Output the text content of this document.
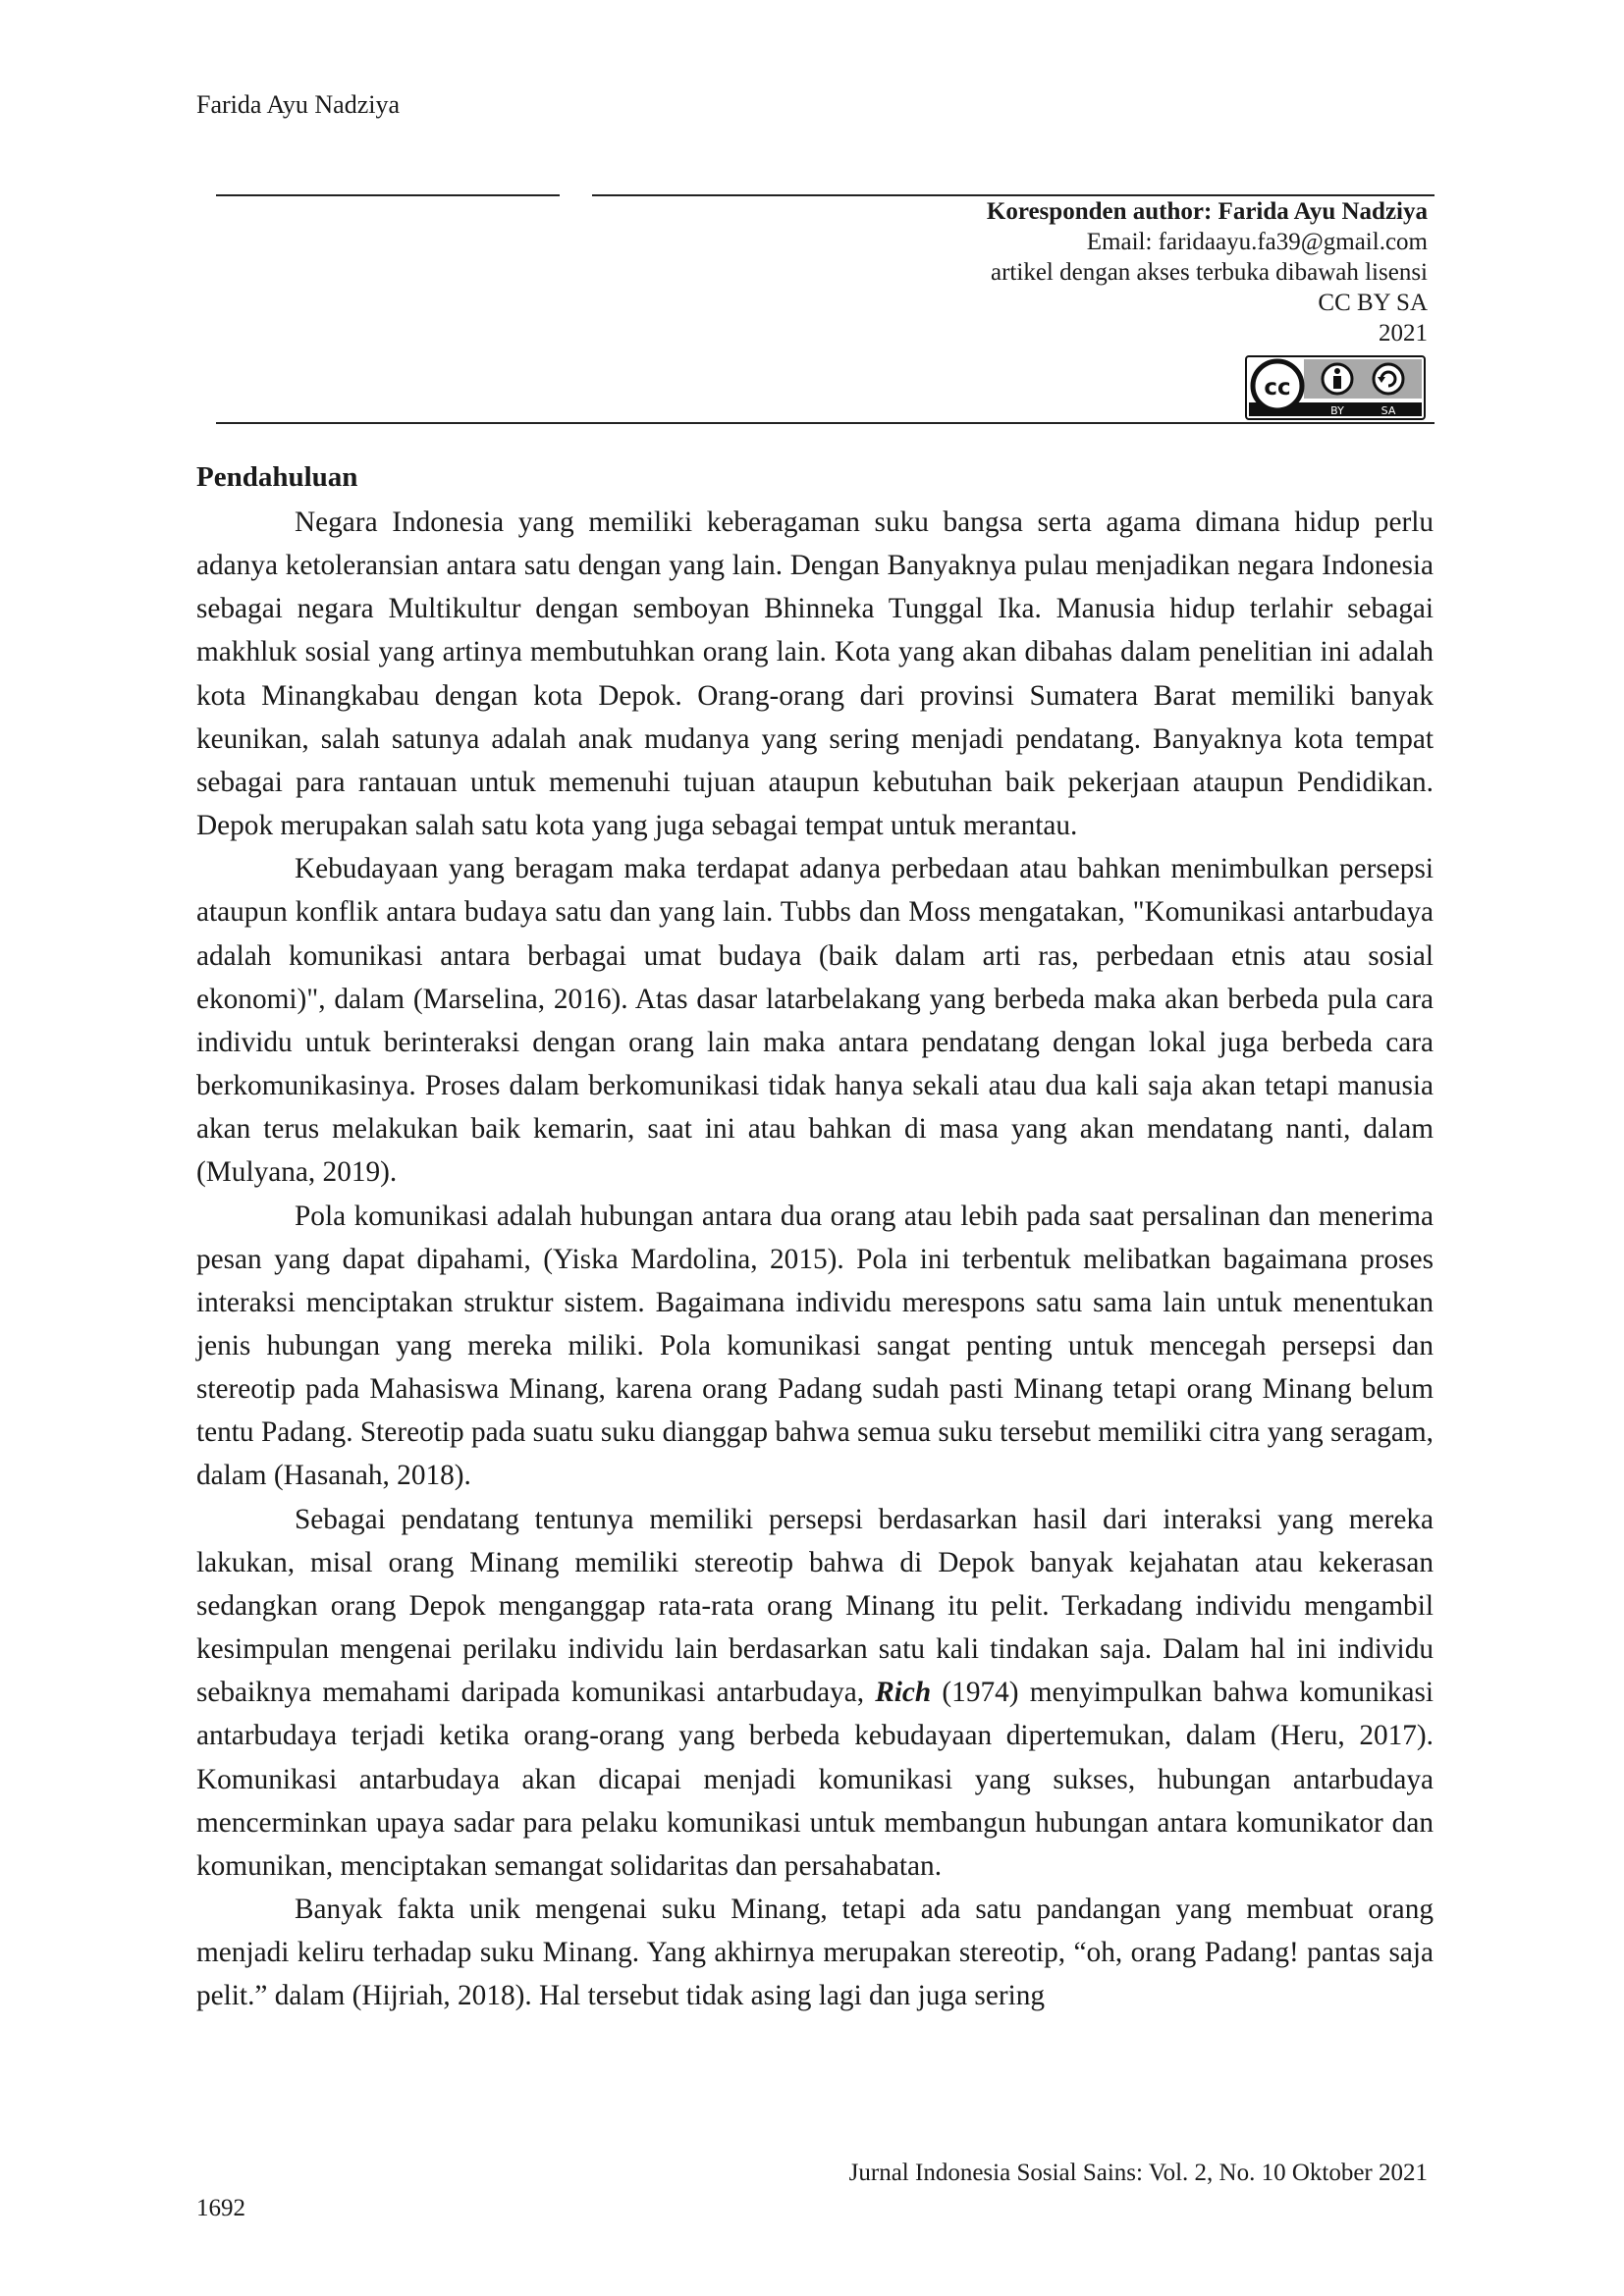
Farida Ayu Nadziya
Koresponden author: Farida Ayu Nadziya
Email: faridaayu.fa39@gmail.com
artikel dengan akses terbuka dibawah lisensi
CC BY SA
2021
cc
BY	SA
Pendahuluan

Negara Indonesia yang memiliki keberagaman suku bangsa serta agama dimana hidup perlu adanya ketoleransian antara satu dengan yang lain. Dengan Banyaknya pulau menjadikan negara Indonesia sebagai negara Multikultur dengan semboyan Bhinneka Tunggal Ika. Manusia hidup terlahir sebagai makhluk sosial yang artinya membutuhkan orang lain. Kota yang akan dibahas dalam penelitian ini adalah kota Minangkabau dengan kota Depok. Orang-orang dari provinsi Sumatera Barat memiliki banyak keunikan, salah satunya adalah anak mudanya yang sering menjadi pendatang. Banyaknya kota tempat sebagai para rantauan untuk memenuhi tujuan ataupun kebutuhan baik pekerjaan ataupun Pendidikan. Depok merupakan salah satu kota yang juga sebagai tempat untuk merantau.

Kebudayaan yang beragam maka terdapat adanya perbedaan atau bahkan menimbulkan persepsi ataupun konflik antara budaya satu dan yang lain. Tubbs dan Moss mengatakan, "Komunikasi antarbudaya adalah komunikasi antara berbagai umat budaya (baik dalam arti ras, perbedaan etnis atau sosial ekonomi)", dalam (Marselina, 2016). Atas dasar latarbelakang yang berbeda maka akan berbeda pula cara individu untuk berinteraksi dengan orang lain maka antara pendatang dengan lokal juga berbeda cara berkomunikasinya. Proses dalam berkomunikasi tidak hanya sekali atau dua kali saja akan tetapi manusia akan terus melakukan baik kemarin, saat ini atau bahkan di masa yang akan mendatang nanti, dalam (Mulyana, 2019).

Pola komunikasi adalah hubungan antara dua orang atau lebih pada saat persalinan dan menerima pesan yang dapat dipahami, (Yiska Mardolina, 2015). Pola ini terbentuk melibatkan bagaimana proses interaksi menciptakan struktur sistem. Bagaimana individu merespons satu sama lain untuk menentukan jenis hubungan yang mereka miliki. Pola komunikasi sangat penting untuk mencegah persepsi dan stereotip pada Mahasiswa Minang, karena orang Padang sudah pasti Minang tetapi orang Minang belum tentu Padang. Stereotip pada suatu suku dianggap bahwa semua suku tersebut memiliki citra yang seragam, dalam (Hasanah, 2018).

Sebagai pendatang tentunya memiliki persepsi berdasarkan hasil dari interaksi yang mereka lakukan, misal orang Minang memiliki stereotip bahwa di Depok banyak kejahatan atau kekerasan sedangkan orang Depok menganggap rata-rata orang Minang itu pelit. Terkadang individu mengambil kesimpulan mengenai perilaku individu lain berdasarkan satu kali tindakan saja. Dalam hal ini individu sebaiknya memahami daripada komunikasi antarbudaya, Rich (1974) menyimpulkan bahwa komunikasi antarbudaya terjadi ketika orang-orang yang berbeda kebudayaan dipertemukan, dalam (Heru, 2017). Komunikasi antarbudaya akan dicapai menjadi komunikasi yang sukses, hubungan antarbudaya mencerminkan upaya sadar para pelaku komunikasi untuk membangun hubungan antara komunikator dan komunikan, menciptakan semangat solidaritas dan persahabatan.

Banyak fakta unik mengenai suku Minang, tetapi ada satu pandangan yang membuat orang menjadi keliru terhadap suku Minang. Yang akhirnya merupakan stereotip, “oh, orang Padang! pantas saja pelit.” dalam (Hijriah, 2018). Hal tersebut tidak asing lagi dan juga sering

Jurnal Indonesia Sosial Sains: Vol. 2, No. 10 Oktober 2021
1692
